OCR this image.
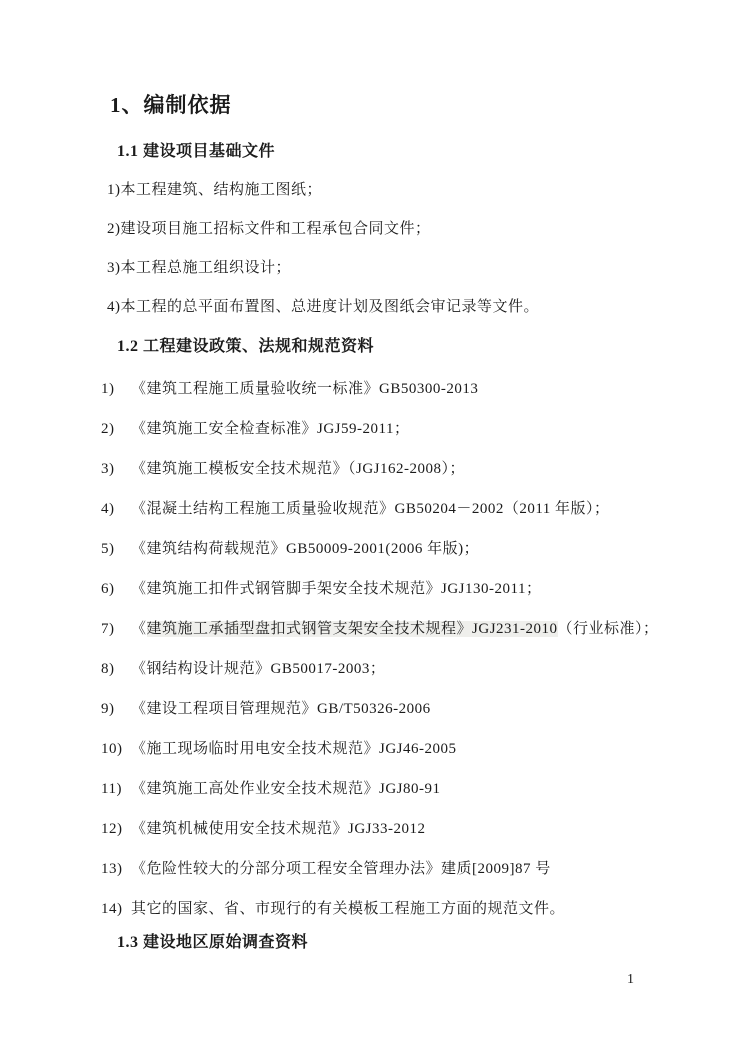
1、编制依据
1.1 建设项目基础文件

1)本工程建筑、结构施工图纸；

2)建设项目施工招标文件和工程承包合同文件；

3)本工程总施工组织设计；

4)本工程的总平面布置图、总进度计划及图纸会审记录等文件。

1.2 工程建设政策、法规和规范资料

1)	《建筑工程施工质量验收统一标准》GB50300-2013

2)	《建筑施工安全检查标准》JGJ59-2011；

3)	《建筑施工模板安全技术规范》（JGJ162-2008）；

4)	《混凝土结构工程施工质量验收规范》GB50204－2002（2011 年版）；

5)	《建筑结构荷载规范》GB50009-2001(2006 年版)；

6)	《建筑施工扣件式钢管脚手架安全技术规范》JGJ130-2011；

7)	《建筑施工承插型盘扣式钢管支架安全技术规程》JGJ231-2010（行业标准）；

8)	《钢结构设计规范》GB50017-2003；

9)	《建设工程项目管理规范》GB/T50326-2006

10) 《施工现场临时用电安全技术规范》JGJ46-2005

11) 《建筑施工高处作业安全技术规范》JGJ80-91

12) 《建筑机械使用安全技术规范》JGJ33-2012

13) 《危险性较大的分部分项工程安全管理办法》建质[2009]87 号

14) 其它的国家、省、市现行的有关模板工程施工方面的规范文件。

1.3 建设地区原始调查资料
1
